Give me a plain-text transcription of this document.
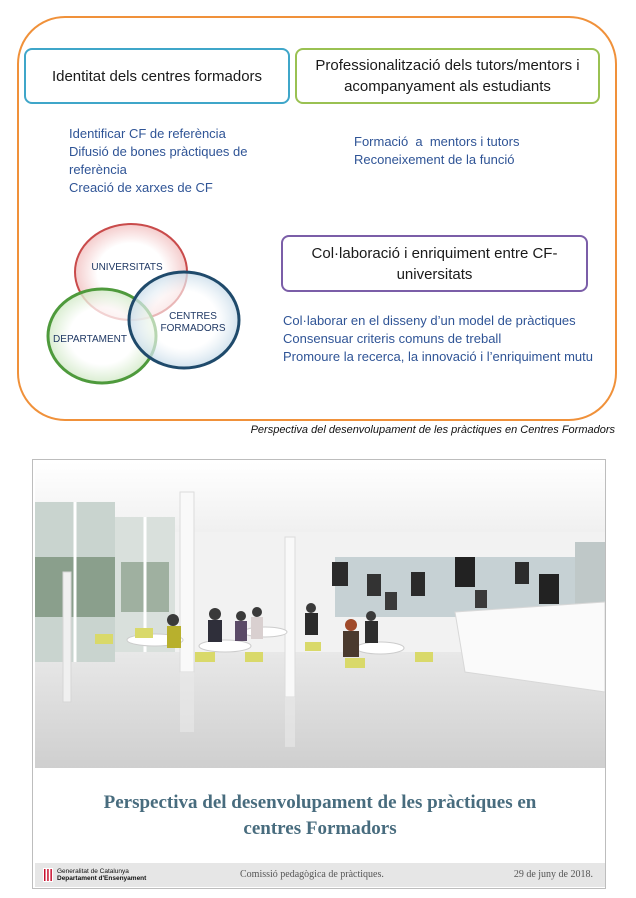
Identitat dels centres formadors
Professionalització dels tutors/mentors i acompanyament als estudiants
Col·laboració i enriquiment entre CF-universitats
Identificar CF de referència
Difusió de bones pràctiques de referència
Creació de xarxes de CF
Formació  a  mentors i tutors
Reconeixement de la funció
Col·laborar en el disseny d’un model de pràctiques
Consensuar criteris comuns de treball
Promoure la recerca, la innovació i l’enriquiment mutu
UNIVERSITATS
DEPARTAMENT
CENTRES FORMADORS
Perspectiva del desenvolupament de les pràctiques en Centres Formadors
Perspectiva del desenvolupament de les pràctiques en
centres Formadors
Generalitat de Catalunya
Departament d'Ensenyament	Comissió pedagògica de pràctiques.	29 de juny de 2018.
